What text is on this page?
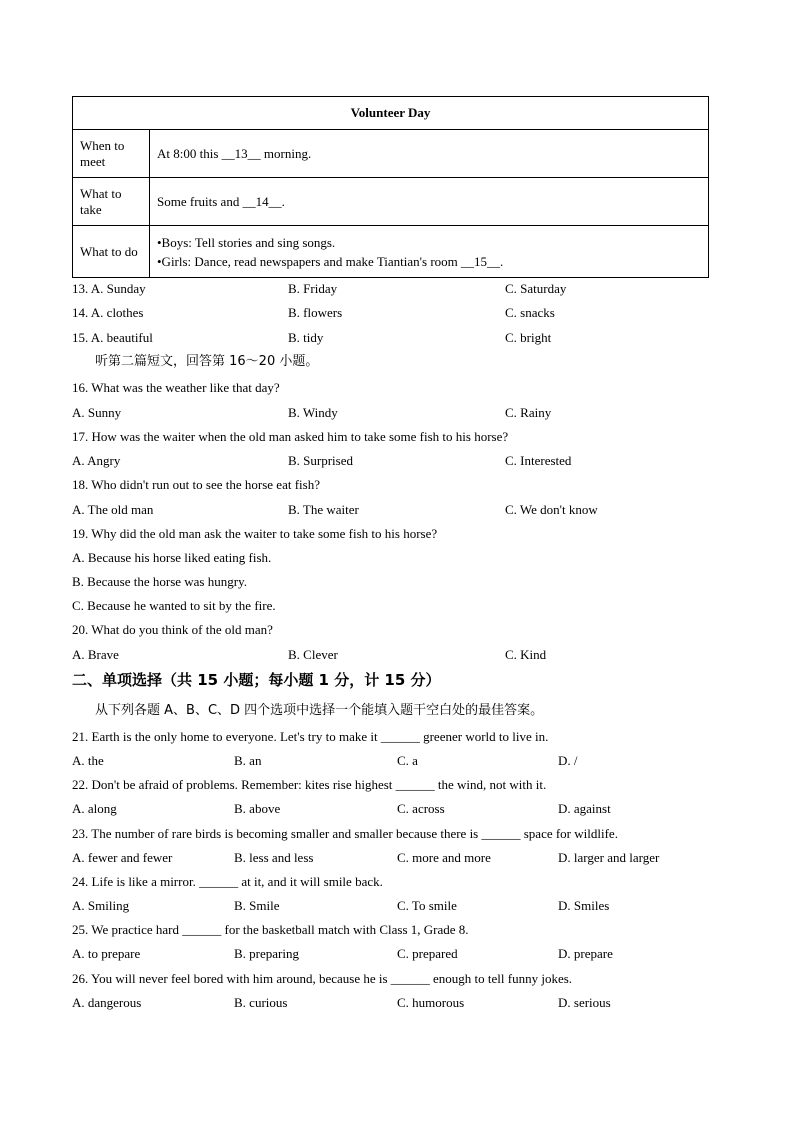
Volunteer Day	
When to meet	At 8:00 this __13__ morning.
What to take	Some fruits and __14__.
What to do	•Boys: Tell stories and sing songs.
•Girls: Dance, read newspapers and make Tiantian's room __15__.
13. A. Sunday	B. Friday	C. Saturday
14. A. clothes	B. flowers	C. snacks
15. A. beautiful	B. tidy	C. bright
听第二篇短文，回答第 16～20 小题。
16. What was the weather like that day?
A. Sunny	B. Windy	C. Rainy
17. How was the waiter when the old man asked him to take some fish to his horse?
A. Angry	B. Surprised	C. Interested
18. Who didn't run out to see the horse eat fish?
A. The old man	B. The waiter	C. We don't know
19. Why did the old man ask the waiter to take some fish to his horse?
A. Because his horse liked eating fish.
B. Because the horse was hungry.
C. Because he wanted to sit by the fire.
20. What do you think of the old man?
A. Brave	B. Clever	C. Kind
二、单项选择（共 15 小题；每小题 1 分，计 15 分）
从下列各题 A、B、C、D 四个选项中选择一个能填入题干空白处的最佳答案。
21. Earth is the only home to everyone. Let's try to make it ______ greener world to live in.
A. the	B. an	C. a	D. /
22. Don't be afraid of problems. Remember: kites rise highest ______ the wind, not with it.
A. along	B. above	C. across	D. against
23. The number of rare birds is becoming smaller and smaller because there is ______ space for wildlife.
A. fewer and fewer	B. less and less	C. more and more	D. larger and larger
24. Life is like a mirror. ______ at it, and it will smile back.
A. Smiling	B. Smile	C. To smile	D. Smiles
25. We practice hard ______ for the basketball match with Class 1, Grade 8.
A. to prepare	B. preparing	C. prepared	D. prepare
26. You will never feel bored with him around, because he is ______ enough to tell funny jokes.
A. dangerous	B. curious	C. humorous	D. serious
